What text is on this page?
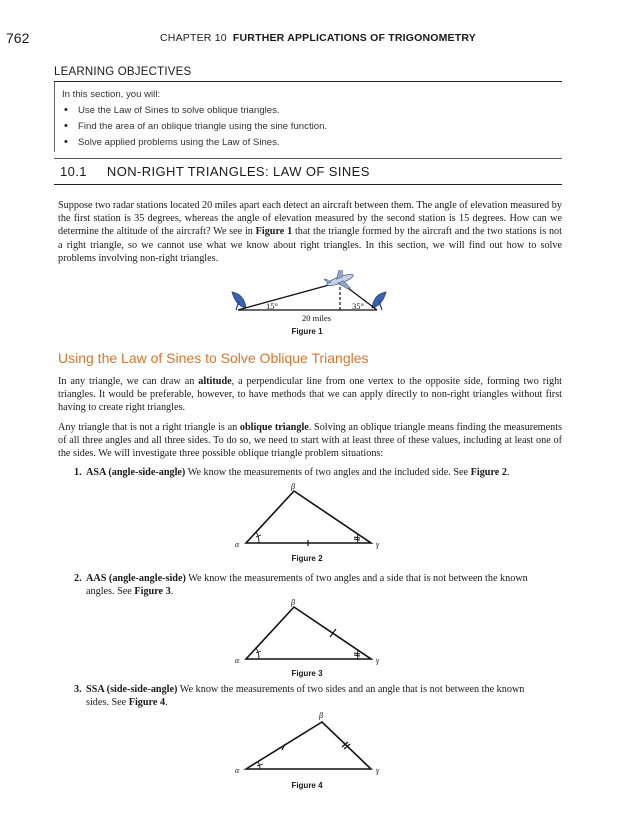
762	CHAPTER 10 FURTHER APPLICATIONS OF TRIGONOMETRY
LEARNING OBJECTIVES
In this section, you will:
• Use the Law of Sines to solve oblique triangles.
• Find the area of an oblique triangle using the sine function.
• Solve applied problems using the Law of Sines.
10.1 NON-RIGHT TRIANGLES: LAW OF SINES

Suppose two radar stations located 20 miles apart each detect an aircraft between them. The angle of elevation measured by the first station is 35 degrees, whereas the angle of elevation measured by the second station is 15 degrees. How can we determine the altitude of the aircraft? We see in Figure 1 that the triangle formed by the aircraft and the two stations is not a right triangle, so we cannot use what we know about right triangles. In this section, we will find out how to solve problems involving non-right triangles.

15°	35°
20 miles
Figure 1
Using the Law of Sines to Solve Oblique Triangles

In any triangle, we can draw an altitude, a perpendicular line from one vertex to the opposite side, forming two right triangles. It would be preferable, however, to have methods that we can apply directly to non-right triangles without first having to create right triangles.

Any triangle that is not a right triangle is an oblique triangle. Solving an oblique triangle means finding the measurements of all three angles and all three sides. To do so, we need to start with at least three of these values, including at least one of the sides. We will investigate three possible oblique triangle problem situations:

1. ASA (angle-side-angle) We know the measurements of two angles and the included side. See Figure 2.

β
α	γ
Figure 2

2. AAS (angle-angle-side) We know the measurements of two angles and a side that is not between the known
angles. See Figure 3.

β
α	γ
Figure 3

3. SSA (side-side-angle) We know the measurements of two sides and an angle that is not between the known
sides. See Figure 4.

β
α	γ
Figure 4
